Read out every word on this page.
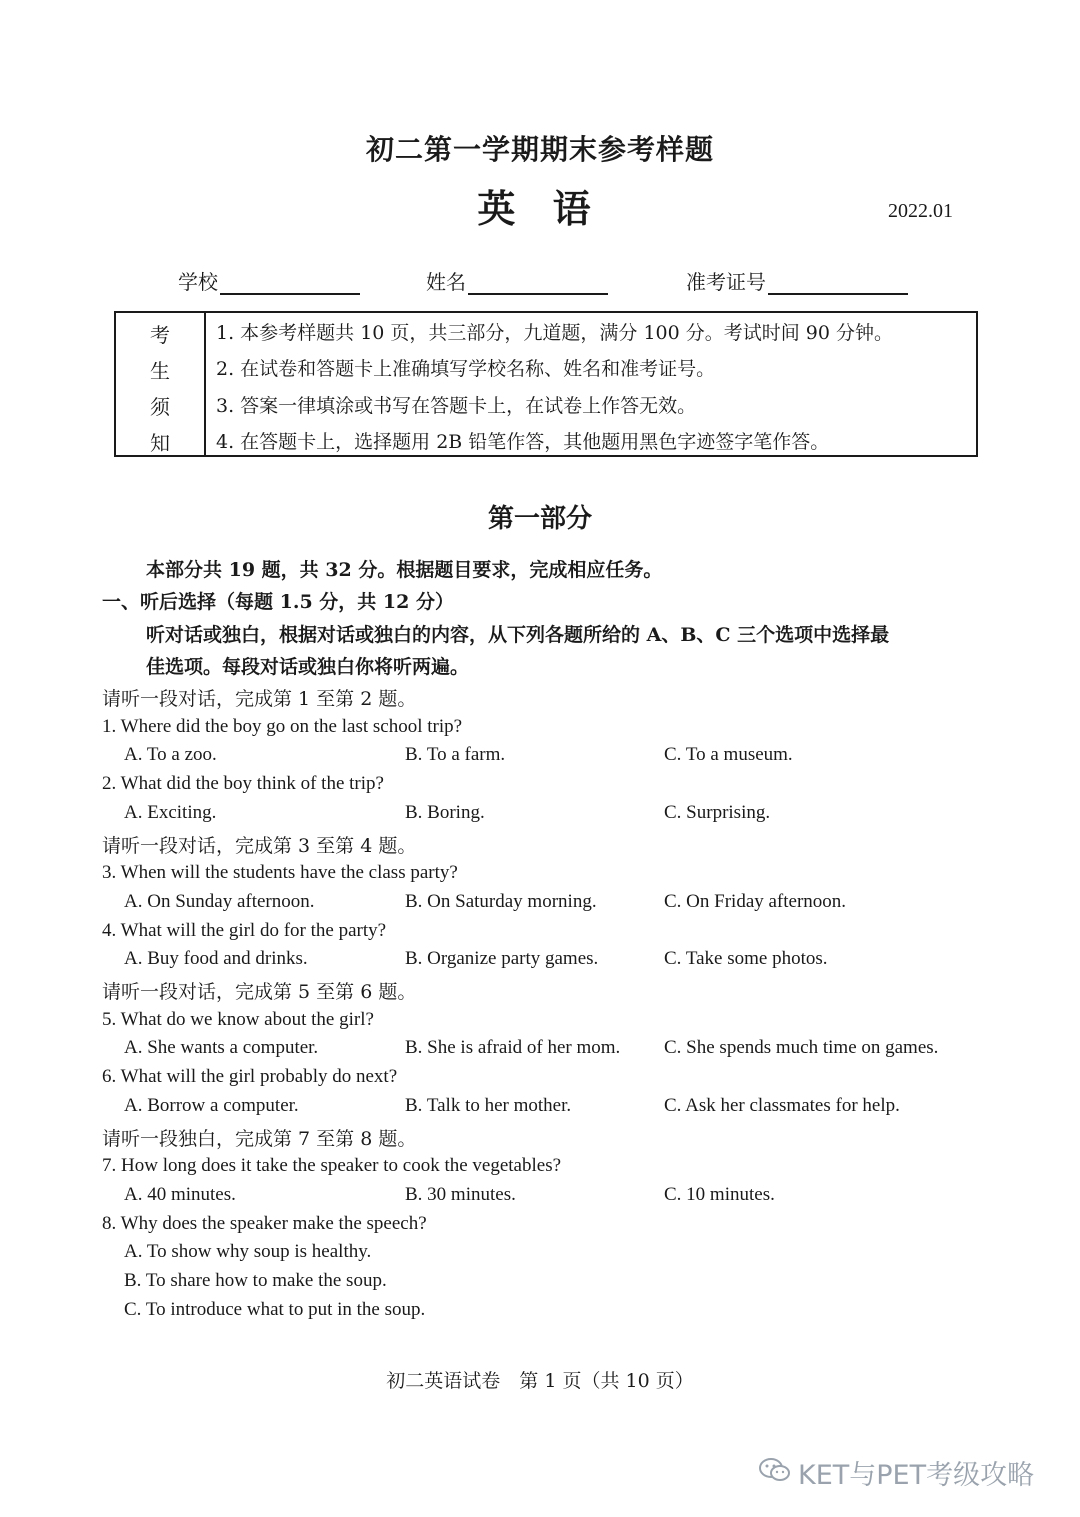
初二第一学期期末参考样题
英 语	2022.01
学校	姓名	准考证号
考
生
须
知
1. 本参考样题共 10 页，共三部分，九道题，满分 100 分。考试时间 90 分钟。
2. 在试卷和答题卡上准确填写学校名称、姓名和准考证号。
3. 答案一律填涂或书写在答题卡上，在试卷上作答无效。
4. 在答题卡上，选择题用 2B 铅笔作答，其他题用黑色字迹签字笔作答。
第一部分
本部分共 19 题，共 32 分。根据题目要求，完成相应任务。
一、听后选择（每题 1.5 分，共 12 分）
听对话或独白，根据对话或独白的内容，从下列各题所给的 A、B、C 三个选项中选择最
佳选项。每段对话或独白你将听两遍。
请听一段对话，完成第 1 至第 2 题。
1. Where did the boy go on the last school trip?
A. To a zoo.	B. To a farm.	C. To a museum.
2. What did the boy think of the trip?
A. Exciting.	B. Boring.	C. Surprising.
请听一段对话，完成第 3 至第 4 题。
3. When will the students have the class party?
A. On Sunday afternoon.	B. On Saturday morning.	C. On Friday afternoon.
4. What will the girl do for the party?
A. Buy food and drinks.	B. Organize party games.	C. Take some photos.
请听一段对话，完成第 5 至第 6 题。
5. What do we know about the girl?
A. She wants a computer.	B. She is afraid of her mom. C. She spends much time on games.
6. What will the girl probably do next?
A. Borrow a computer.	B. Talk to her mother.	C. Ask her classmates for help.
请听一段独白，完成第 7 至第 8 题。
7. How long does it take the speaker to cook the vegetables?
A. 40 minutes.	B. 30 minutes.	C. 10 minutes.
8. Why does the speaker make the speech?
A. To show why soup is healthy.
B. To share how to make the soup.
C. To introduce what to put in the soup.
初二英语试卷　第 1 页（共 10 页）
KET与PET考级攻略
